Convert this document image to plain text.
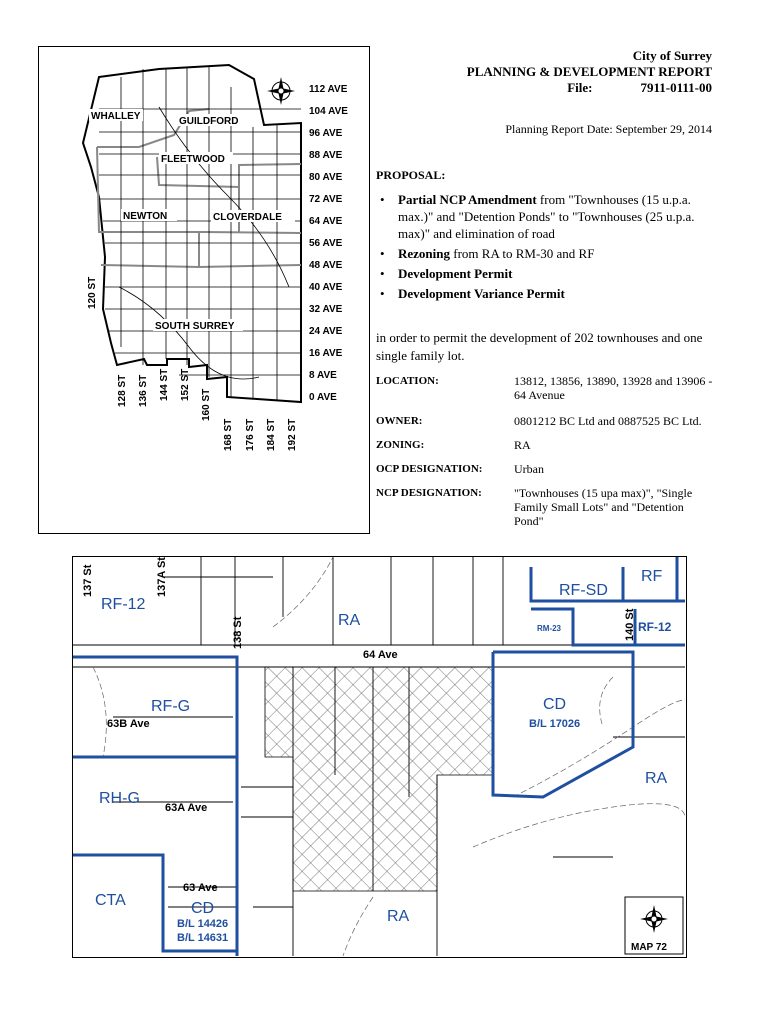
112 AVE
104 AVE
96 AVE
88 AVE
80 AVE
72 AVE
64 AVE
56 AVE
48 AVE
40 AVE
32 AVE
24 AVE
16 AVE
8 AVE
0 AVE
120 ST
128 ST 136 ST 144 ST 152 ST
160 ST
168 ST 176 ST 184 ST 192 ST
WHALLEY	GUILDFORD
FLEETWOOD
NEWTON	CLOVERDALE
SOUTH SURREY
City of Surrey
PLANNING & DEVELOPMENT REPORT
File:	7911-0111-00
Planning Report Date: September 29, 2014
PROPOSAL:
• Partial NCP Amendment from "Townhouses (15 u.p.a. max.)" and "Detention Ponds" to "Townhouses (25 u.p.a. max)" and elimination of road
• Rezoning from RA to RM-30 and RF
• Development Permit
• Development Variance Permit
in order to permit the development of 202 townhouses and one single family lot.
LOCATION:	13812, 13856, 13890, 13928 and 13906 - 64 Avenue
OWNER:	0801212 BC Ltd and 0887525 BC Ltd.
ZONING:	RA
OCP DESIGNATION:	Urban
NCP DESIGNATION:	"Townhouses (15 upa max)", "Single Family Small Lots" and "Detention Pond"
137 St	137A St
138 St	140 St
64 Ave
63B Ave
63A Ave
63 Ave
RF-12
RA
RF-SD
RF
RM-23	RF-12
RF-G	CD
B/L 17026
RA
RH-G
CTA	CD
B/L 14426
B/L 14631
RA
MAP 72
